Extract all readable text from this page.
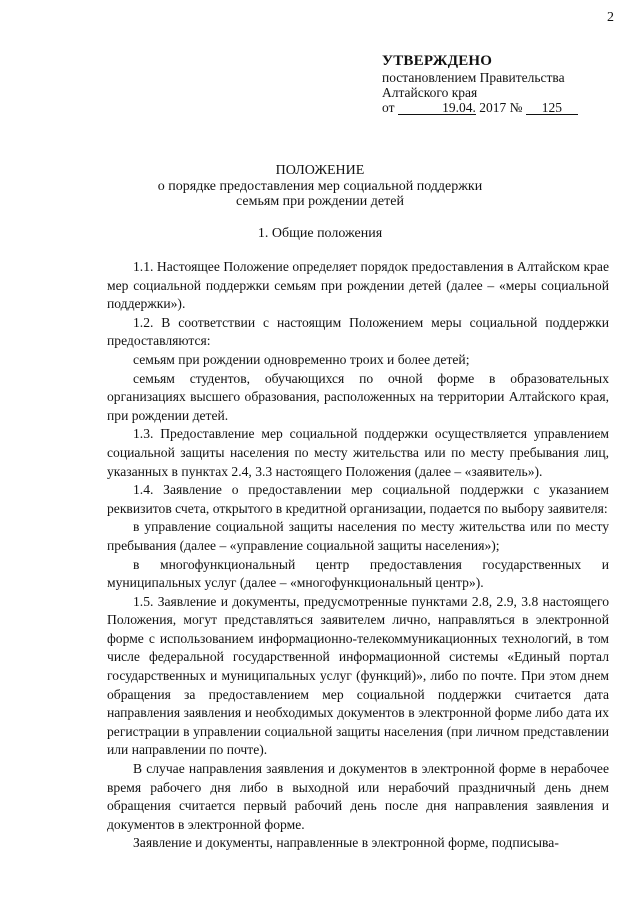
2
УТВЕРЖДЕНО
постановлением Правительства
Алтайского края
от	19.04. 2017 № 125
ПОЛОЖЕНИЕ
о порядке предоставления мер социальной поддержки
семьям при рождении детей
1. Общие положения

1.1. Настоящее Положение определяет порядок предоставления в Алтайском крае мер социальной поддержки семьям при рождении детей (далее – «меры социальной поддержки»).

1.2. В соответствии с настоящим Положением меры социальной поддержки предоставляются:

семьям при рождении одновременно троих и более детей;

семьям студентов, обучающихся по очной форме в образовательных организациях высшего образования, расположенных на территории Алтайского края, при рождении детей.

1.3. Предоставление мер социальной поддержки осуществляется управлением социальной защиты населения по месту жительства или по месту пребывания лиц, указанных в пунктах 2.4, 3.3 настоящего Положения (далее – «заявитель»).

1.4. Заявление о предоставлении мер социальной поддержки с указанием реквизитов счета, открытого в кредитной организации, подается по выбору заявителя:

в управление социальной защиты населения по месту жительства или по месту пребывания (далее – «управление социальной защиты населения»);

в многофункциональный центр предоставления государственных и муниципальных услуг (далее – «многофункциональный центр»).

1.5. Заявление и документы, предусмотренные пунктами 2.8, 2.9, 3.8 настоящего Положения, могут представляться заявителем лично, направляться в электронной форме с использованием информационно-телекоммуникационных технологий, в том числе федеральной государственной информационной системы «Единый портал государственных и муниципальных услуг (функций)», либо по почте. При этом днем обращения за предоставлением мер социальной поддержки считается дата направления заявления и необходимых документов в электронной форме либо дата их регистрации в управлении социальной защиты населения (при личном представлении или направлении по почте).

В случае направления заявления и документов в электронной форме в нерабочее время рабочего дня либо в выходной или нерабочий праздничный день днем обращения считается первый рабочий день после дня направления заявления и документов в электронной форме.

Заявление и документы, направленные в электронной форме, подписыва-
